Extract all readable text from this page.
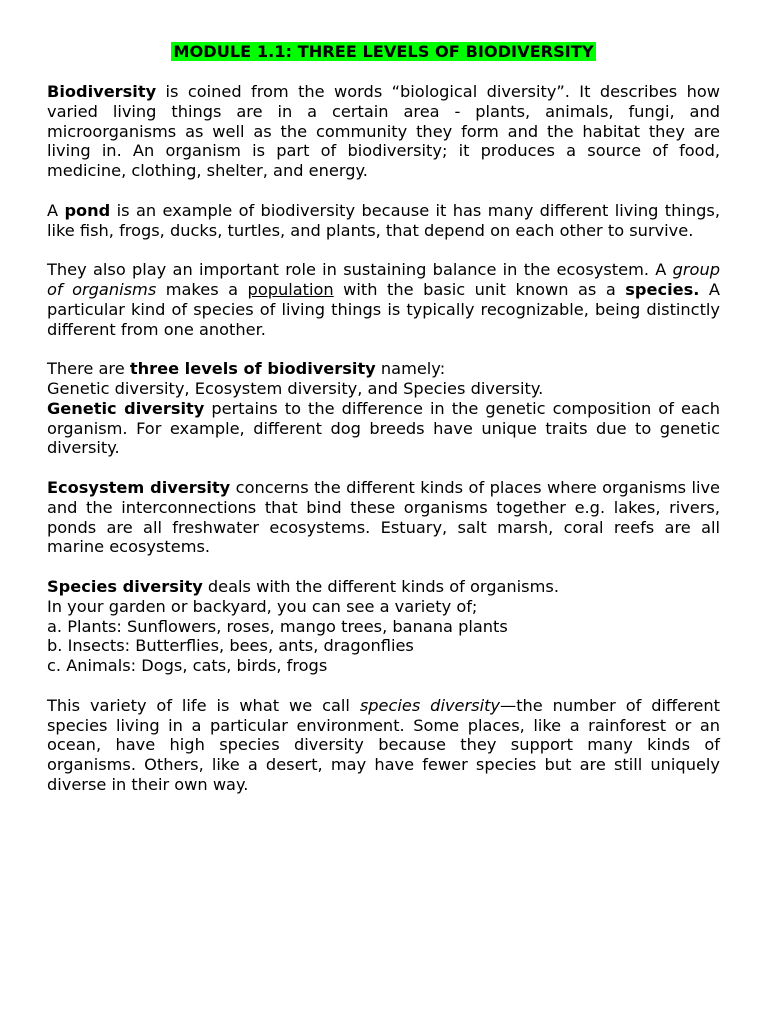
MODULE 1.1: THREE LEVELS OF BIODIVERSITY

Biodiversity is coined from the words “biological diversity”. It describes how varied living things are in a certain area - plants, animals, fungi, and microorganisms as well as the community they form and the habitat they are living in. An organism is part of biodiversity; it produces a source of food, medicine, clothing, shelter, and energy.

A pond is an example of biodiversity because it has many different living things, like fish, frogs, ducks, turtles, and plants, that depend on each other to survive.

They also play an important role in sustaining balance in the ecosystem. A group of organisms makes a population with the basic unit known as a species. A particular kind of species of living things is typically recognizable, being distinctly different from one another.

There are three levels of biodiversity namely:

Genetic diversity, Ecosystem diversity, and Species diversity.

Genetic diversity pertains to the difference in the genetic composition of each organism. For example, different dog breeds have unique traits due to genetic diversity.

Ecosystem diversity concerns the different kinds of places where organisms live and the interconnections that bind these organisms together e.g. lakes, rivers, ponds are all freshwater ecosystems. Estuary, salt marsh, coral reefs are all marine ecosystems.

Species diversity deals with the different kinds of organisms.

In your garden or backyard, you can see a variety of;

a. Plants: Sunflowers, roses, mango trees, banana plants

b. Insects: Butterflies, bees, ants, dragonflies

c. Animals: Dogs, cats, birds, frogs

This variety of life is what we call species diversity—the number of different species living in a particular environment. Some places, like a rainforest or an ocean, have high species diversity because they support many kinds of organisms. Others, like a desert, may have fewer species but are still uniquely diverse in their own way.
